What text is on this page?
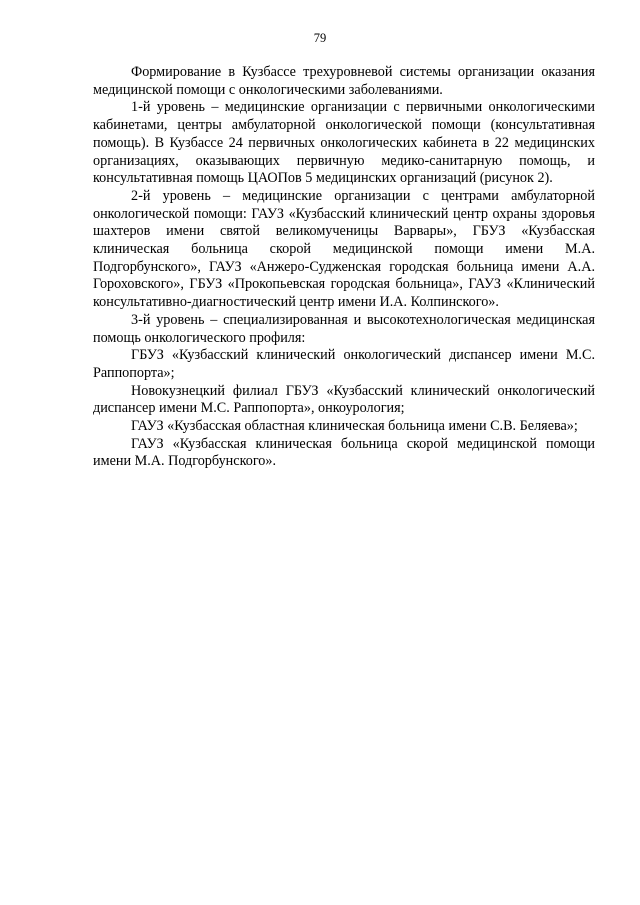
79

Формирование в Кузбассе трехуровневой системы организации оказания медицинской помощи с онкологическими заболеваниями.

1-й уровень – медицинские организации с первичными онкологическими кабинетами, центры амбулаторной онкологической помощи (консультативная помощь). В Кузбассе 24 первичных онкологических кабинета в 22 медицинских организациях, оказывающих первичную медико-санитарную помощь, и консультативная помощь ЦАОПов 5 медицинских организаций (рисунок 2).

2-й уровень – медицинские организации с центрами амбулаторной онкологической помощи: ГАУЗ «Кузбасский клинический центр охраны здоровья шахтеров имени святой великомученицы Варвары», ГБУЗ «Кузбасская клиническая больница скорой медицинской помощи имени М.А. Подгорбунского», ГАУЗ «Анжеро-Судженская городская больница имени А.А. Гороховского», ГБУЗ «Прокопьевская городская больница», ГАУЗ «Клинический консультативно-диагностический центр имени И.А. Колпинского».

3-й уровень – специализированная и высокотехнологическая медицинская помощь онкологического профиля:

ГБУЗ «Кузбасский клинический онкологический диспансер имени М.С. Раппопорта»;

Новокузнецкий филиал ГБУЗ «Кузбасский клинический онкологический диспансер имени М.С. Раппопорта», онкоурология;

ГАУЗ «Кузбасская областная клиническая больница имени С.В. Беляева»;

ГАУЗ «Кузбасская клиническая больница скорой медицинской помощи имени М.А. Подгорбунского».
